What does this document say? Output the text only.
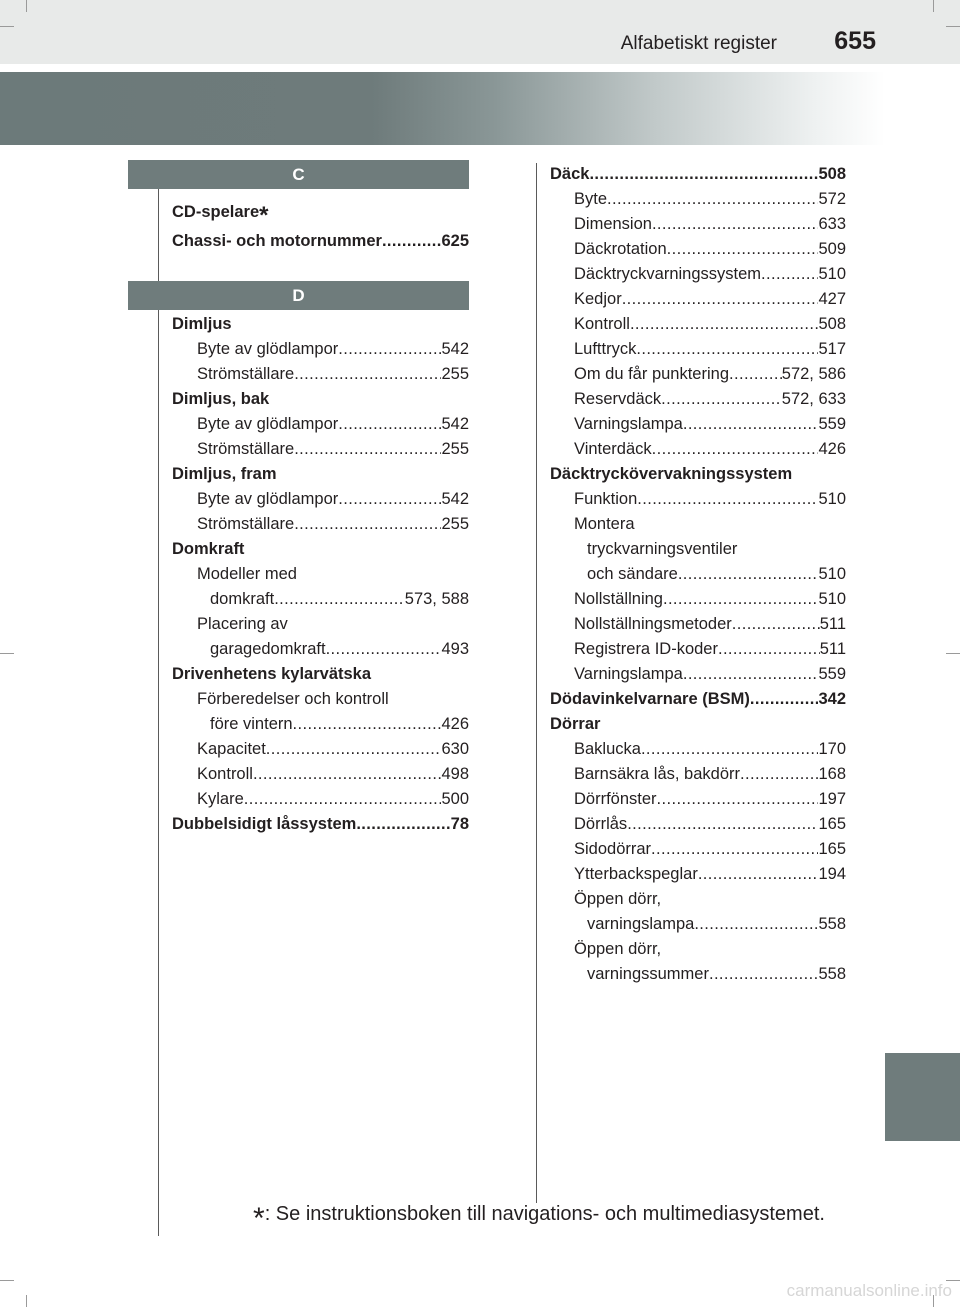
Alfabetiskt register 655
C
CD-spelare*
Chassi- och motornummer .....	625
D
Dimljus
Byte av glödlampor .....	542
Strömställare .....	255
Dimljus, bak
Byte av glödlampor .....	542
Strömställare .....	255
Dimljus, fram
Byte av glödlampor .....	542
Strömställare .....	255
Domkraft
Modeller med
domkraft .....	573, 588
Placering av
garagedomkraft .....	493
Drivenhetens kylarvätska
Förberedelser och kontroll
före vintern .....	426
Kapacitet .....	630
Kontroll .....	498
Kylare .....	500
Dubbelsidigt låssystem .....	78
Däck .....	508
Byte .....	572
Dimension .....	633
Däckrotation .....	509
Däcktryckvarningssystem .....	510
Kedjor .....	427
Kontroll .....	508
Lufttryck .....	517
Om du får punktering .....	572, 586
Reservdäck .....	572, 633
Varningslampa .....	559
Vinterdäck .....	426
Däcktryckövervakningssystem
Funktion .....	510
Montera
tryckvarningsventiler
och sändare .....	510
Nollställning .....	510
Nollställningsmetoder .....	511
Registrera ID-koder .....	511
Varningslampa .....	559
Dödavinkelvarnare (BSM) .....	342
Dörrar
Baklucka .....	170
Barnsäkra lås, bakdörr .....	168
Dörrfönster .....	197
Dörrlås .....	165
Sidodörrar .....	165
Ytterbackspeglar .....	194
Öppen dörr,
varningslampa .....	558
Öppen dörr,
varningssummer .....	558
*: Se instruktionsboken till navigations- och multimediasystemet.
carmanualsonline.info
